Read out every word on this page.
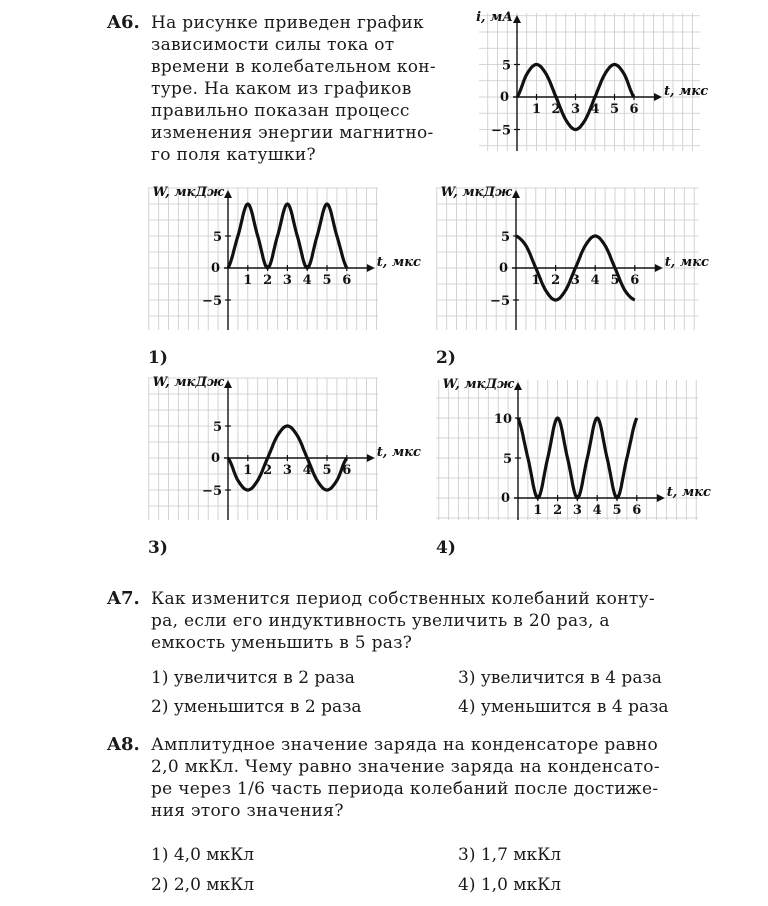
A6. На рисунке приведен график
зависимости силы тока от
времени в колебательном кон-
туре. На каком из графиков
правильно показан процесс
изменения энергии магнитно-
го поля катушки?
i, мА
t, мкс
0
1 2 3 4 5 6
5
−5
W, мкДж
t, мкс
0
1 2 3 4 5 6
5
−5
W, мкДж
t, мкс
0
1 2 3 4 5 6
5
−5
W, мкДж
t, мкс
0
1 2 3 4 5 6
5
−5
W, мкДж
t, мкс
0
1 2 3 4 5 6
10
5
1)	2)
3)	4)
A7. Как изменится период собственных колебаний конту-
ра, если его индуктивность увеличить в 20 раз, а
емкость уменьшить в 5 раз?
1) увеличится в 2 раза	3) увеличится в 4 раза
2) уменьшится в 2 раза	4) уменьшится в 4 раза
A8. Амплитудное значение заряда на конденсаторе равно
2,0 мкКл. Чему равно значение заряда на конденсато-
ре через 1/6 часть периода колебаний после достиже-
ния этого значения?
1) 4,0 мкКл	3) 1,7 мкКл
2) 2,0 мкКл	4) 1,0 мкКл
